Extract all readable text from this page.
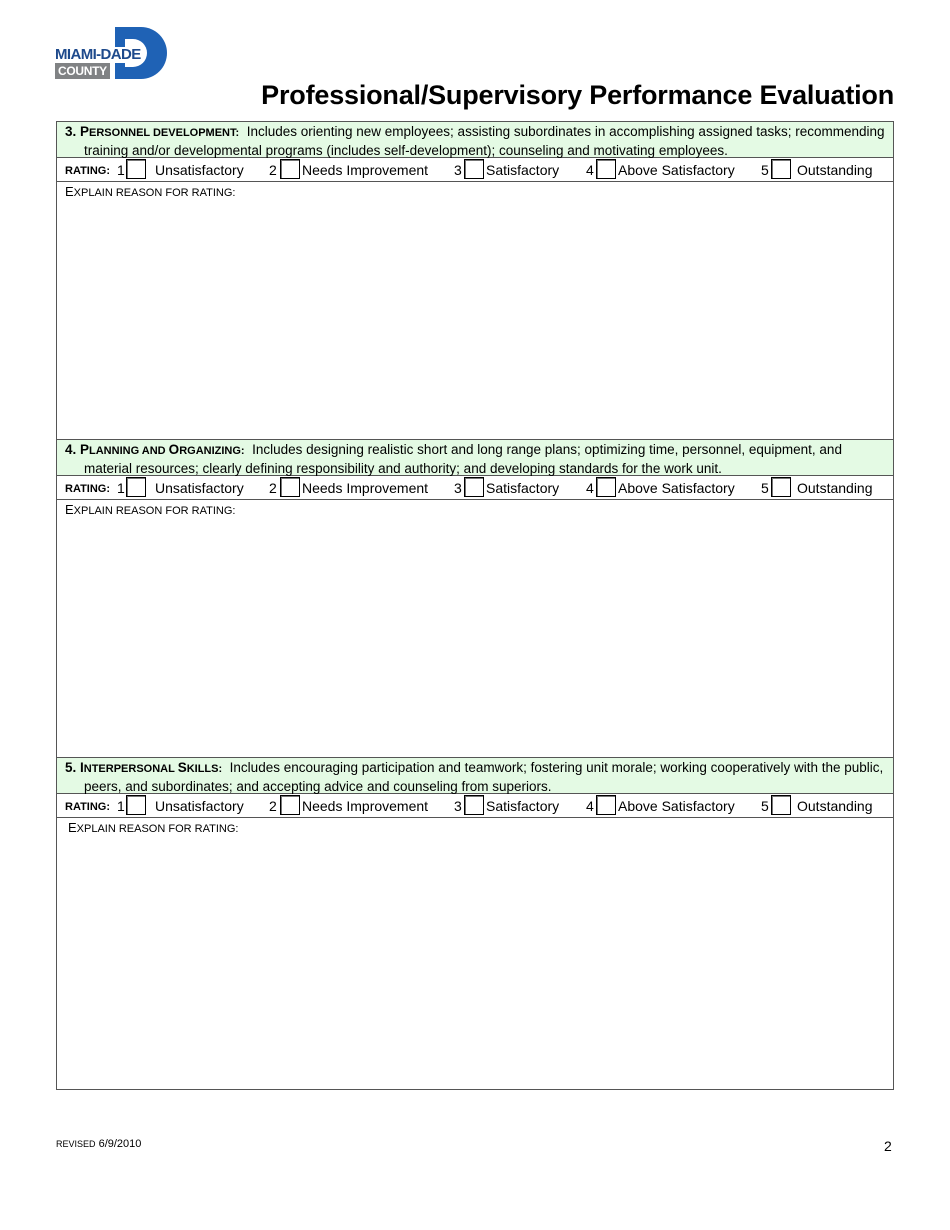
MIAMI-DADE
COUNTY
Professional/Supervisory Performance Evaluation
3. PERSONNEL DEVELOPMENT: Includes orienting new employees; assisting subordinates in accomplishing assigned tasks; recommending training and/or developmental programs (includes self-development); counseling and motivating employees.
RATING: 1 Unsatisfactory 2 Needs Improvement 3 Satisfactory 4 Above Satisfactory 5 Outstanding
EXPLAIN REASON FOR RATING:
4. PLANNING AND ORGANIZING: Includes designing realistic short and long range plans; optimizing time, personnel, equipment, and material resources; clearly defining responsibility and authority; and developing standards for the work unit.
RATING: 1 Unsatisfactory 2 Needs Improvement 3 Satisfactory 4 Above Satisfactory 5 Outstanding
EXPLAIN REASON FOR RATING:
5. INTERPERSONAL SKILLS: Includes encouraging participation and teamwork; fostering unit morale; working cooperatively with the public, peers, and subordinates; and accepting advice and counseling from superiors.
RATING: 1 Unsatisfactory 2 Needs Improvement 3 Satisfactory 4 Above Satisfactory 5 Outstanding
EXPLAIN REASON FOR RATING:
REVISED 6/9/2010	2
